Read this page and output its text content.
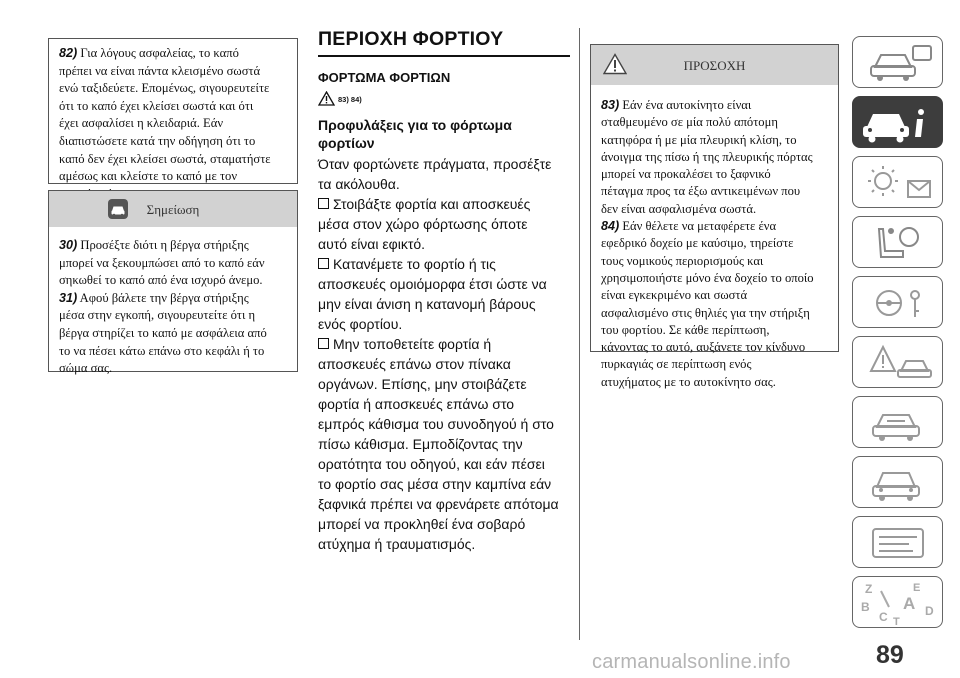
82) Για λόγους ασφαλείας, το καπό
πρέπει να είναι πάντα κλεισμένο σωστά
ενώ ταξιδεύετε. Επομένως, σιγουρευτείτε
ότι το καπό έχει κλείσει σωστά και ότι
έχει ασφαλίσει η κλειδαριά. Εάν
διαπιστώσετε κατά την οδήγηση ότι το
καπό δεν έχει κλείσει σωστά, σταματήστε
αμέσως και κλείστε το καπό με τον

Σημείωση
30) Προσέξτε διότι η βέργα στήριξης
μπορεί να ξεκουμπώσει από το καπό εάν
σηκωθεί το καπό από ένα ισχυρό άνεμο.
31) Αφού βάλετε την βέργα στήριξης
μέσα στην εγκοπή, σιγουρευτείτε ότι η
βέργα στηρίζει το καπό με ασφάλεια από
το να πέσει κάτω επάνω στο κεφάλι ή το
σώμα σας.
ΠΕΡΙΟΧΗ ΦΟΡΤΙΟΥ
ΦΟΡΤΩΜΑ ΦΟΡΤΙΩΝ
83) 84)
Προφυλάξεις για το φόρτωμα
φορτίων

Όταν φορτώνετε πράγματα, προσέξτε
τα ακόλουθα.
Στοιβάξτε φορτία και αποσκευές
μέσα στον χώρο φόρτωσης όποτε
αυτό είναι εφικτό.
Κατανέμετε το φορτίο ή τις
αποσκευές ομοιόμορφα έτσι ώστε να
μην είναι άνιση η κατανομή βάρους
ενός φορτίου.
Μην τοποθετείτε φορτία ή
αποσκευές επάνω στον πίνακα
οργάνων. Επίσης, μην στοιβάζετε
φορτία ή αποσκευές επάνω στο
εμπρός κάθισμα του συνοδηγού ή στο
πίσω κάθισμα. Εμποδίζοντας την
ορατότητα του οδηγού, και εάν πέσει
το φορτίο σας μέσα στην καμπίνα εάν
ξαφνικά πρέπει να φρενάρετε απότομα
μπορεί να προκληθεί ένα σοβαρό
ατύχημα ή τραυματισμός.

ΠΡΟΣΟΧΗ
83) Εάν ένα αυτοκίνητο είναι
σταθμευμένο σε μία πολύ απότομη
κατηφόρα ή με μία πλευρική κλίση, το
άνοιγμα της πίσω ή της πλευρικής πόρτας
μπορεί να προκαλέσει το ξαφνικό
πέταγμα προς τα έξω αντικειμένων που
δεν είναι ασφαλισμένα σωστά.
84) Εάν θέλετε να μεταφέρετε ένα
εφεδρικό δοχείο με καύσιμο, τηρείστε
τους νομικούς περιορισμούς και
χρησιμοποιήστε μόνο ένα δοχείο το οποίο
είναι εγκεκριμένο και σωστά
ασφαλισμένο στις θηλιές για την στήριξη
του φορτίου. Σε κάθε περίπτωση,
κάνοντας το αυτό, αυξάνετε τον κίνδυνο
πυρκαγιάς σε περίπτωση ενός
ατυχήματος με το αυτοκίνητο σας.
Z	E
A
B
C T
D
carmanualsonline.info	89
